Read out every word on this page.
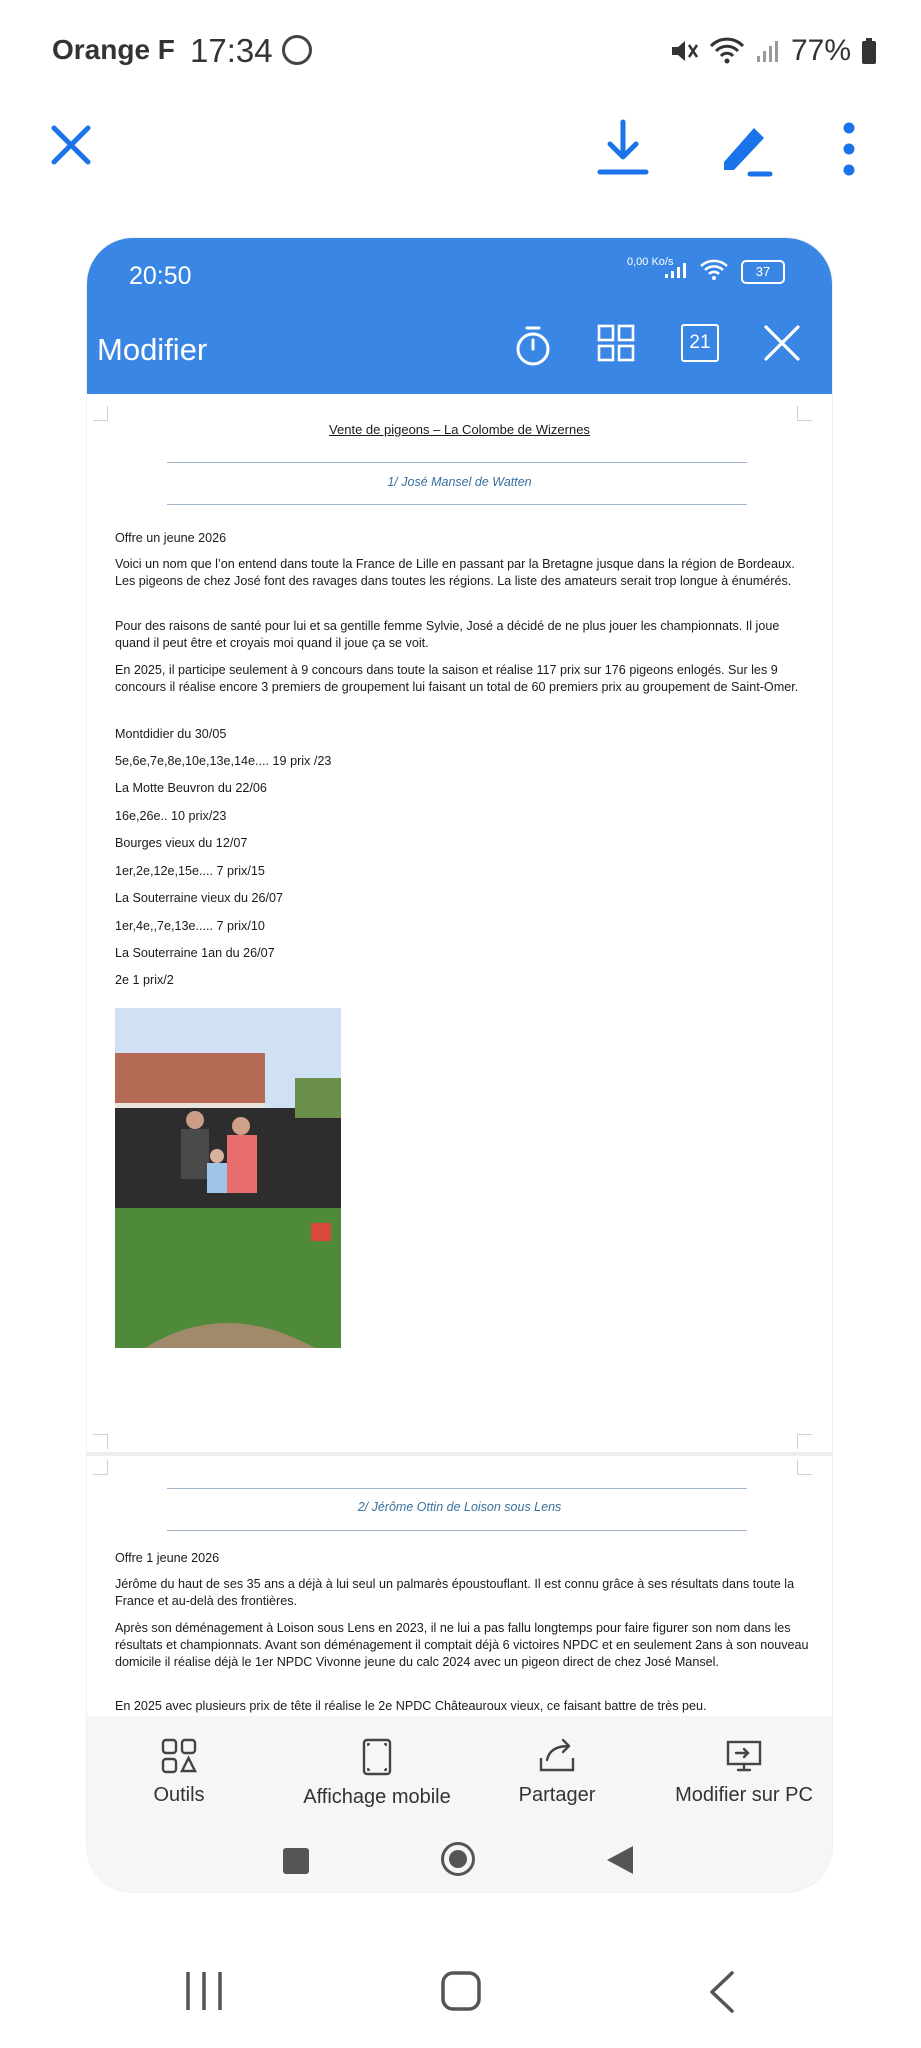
Orange F 17:34	77%
20:50	0,00 Ko/s
37
Modifier	21
Vente de pigeons – La Colombe de Wizernes
1/ José Mansel de Watten
Offre un jeune 2026
Voici un nom que l’on entend dans toute la France de Lille en passant par la Bretagne jusque dans la région de Bordeaux. Les pigeons de chez José font des ravages dans toutes les régions. La liste des amateurs serait trop longue à énumérés.
Pour des raisons de santé pour lui et sa gentille femme Sylvie, José a décidé de ne plus jouer les championnats. Il joue quand il peut être et croyais moi quand il joue ça se voit.
En 2025, il participe seulement à 9 concours dans toute la saison et réalise 117 prix sur 176 pigeons enlogés. Sur les 9 concours il réalise encore 3 premiers de groupement lui faisant un total de 60 premiers prix au groupement de Saint-Omer.
Montdidier du 30/05
5e,6e,7e,8e,10e,13e,14e.... 19 prix /23
La Motte Beuvron du 22/06
16e,26e.. 10 prix/23
Bourges vieux du 12/07
1er,2e,12e,15e.... 7 prix/15
La Souterraine vieux du 26/07
1er,4e,,7e,13e..... 7 prix/10
La Souterraine 1an du 26/07
2e 1 prix/2
2/ Jérôme Ottin de Loison sous Lens
Offre 1 jeune 2026
Jérôme du haut de ses 35 ans a déjà à lui seul un palmarès époustouflant. Il est connu grâce à ses résultats dans toute la France et au-delà des frontières.
Après son déménagement à Loison sous Lens en 2023, il ne lui a pas fallu longtemps pour faire figurer son nom dans les résultats et championnats. Avant son déménagement il comptait déjà 6 victoires NPDC et en seulement 2ans à son nouveau domicile il réalise déjà le 1er NPDC Vivonne jeune du calc 2024 avec un pigeon direct de chez José Mansel.
En 2025 avec plusieurs prix de tête il réalise le 2e NPDC Châteauroux vieux, ce faisant battre de très peu.
Outils	Affichage mobile	Partager	Modifier sur PC
